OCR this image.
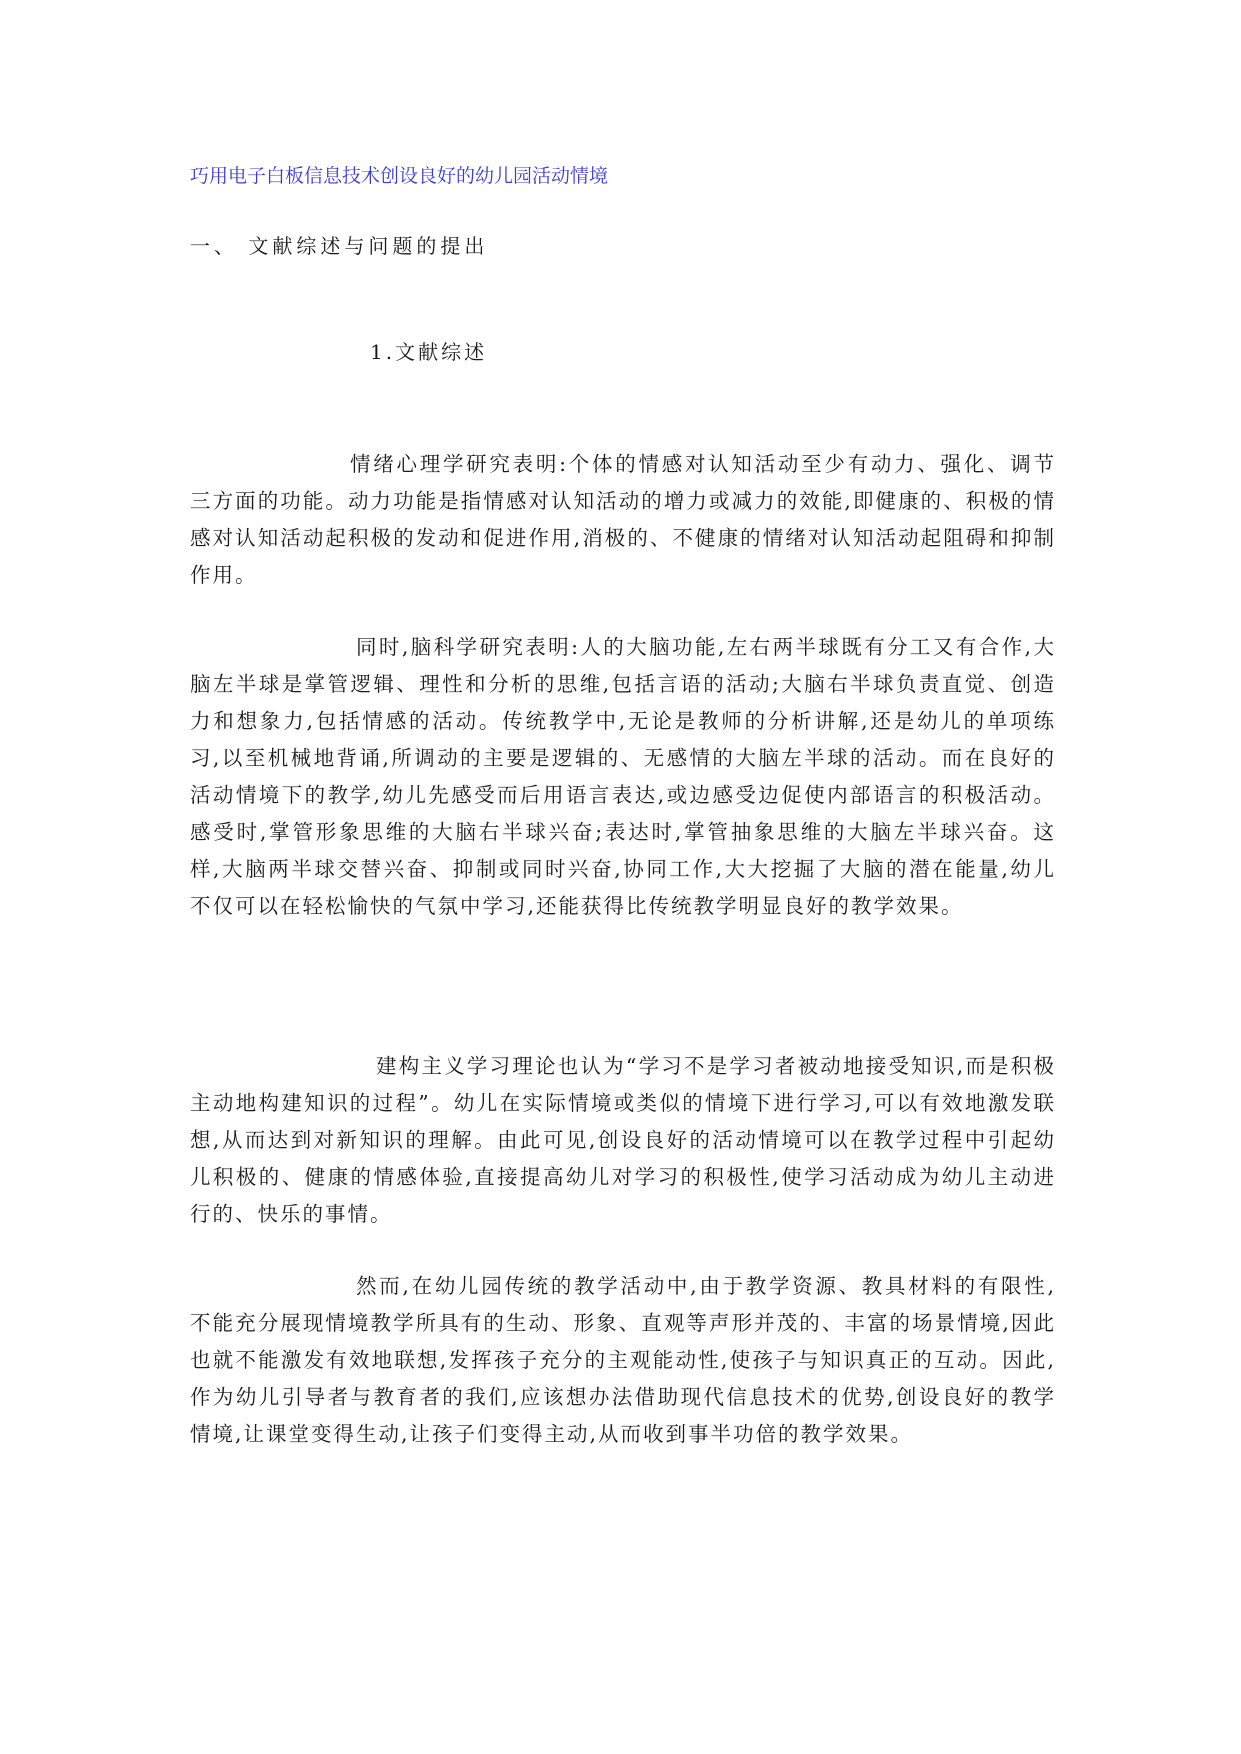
巧用电子白板信息技术创设良好的幼儿园活动情境
一、 文献综述与问题的提出
1.文献综述

情绪心理学研究表明:个体的情感对认知活动至少有动力、强化、调节三方面的功能。动力功能是指情感对认知活动的增力或减力的效能,即健康的、积极的情感对认知活动起积极的发动和促进作用,消极的、不健康的情绪对认知活动起阻碍和抑制作用。

同时,脑科学研究表明:人的大脑功能,左右两半球既有分工又有合作,大脑左半球是掌管逻辑、理性和分析的思维,包括言语的活动;大脑右半球负责直觉、创造力和想象力,包括情感的活动。传统教学中,无论是教师的分析讲解,还是幼儿的单项练习,以至机械地背诵,所调动的主要是逻辑的、无感情的大脑左半球的活动。而在良好的活动情境下的教学,幼儿先感受而后用语言表达,或边感受边促使内部语言的积极活动。感受时,掌管形象思维的大脑右半球兴奋;表达时,掌管抽象思维的大脑左半球兴奋。这样,大脑两半球交替兴奋、抑制或同时兴奋,协同工作,大大挖掘了大脑的潜在能量,幼儿不仅可以在轻松愉快的气氛中学习,还能获得比传统教学明显良好的教学效果。

建构主义学习理论也认为“学习不是学习者被动地接受知识,而是积极主动地构建知识的过程”。幼儿在实际情境或类似的情境下进行学习,可以有效地激发联想,从而达到对新知识的理解。由此可见,创设良好的活动情境可以在教学过程中引起幼儿积极的、健康的情感体验,直接提高幼儿对学习的积极性,使学习活动成为幼儿主动进行的、快乐的事情。

然而,在幼儿园传统的教学活动中,由于教学资源、教具材料的有限性,不能充分展现情境教学所具有的生动、形象、直观等声形并茂的、丰富的场景情境,因此也就不能激发有效地联想,发挥孩子充分的主观能动性,使孩子与知识真正的互动。因此,作为幼儿引导者与教育者的我们,应该想办法借助现代信息技术的优势,创设良好的教学情境,让课堂变得生动,让孩子们变得主动,从而收到事半功倍的教学效果。
